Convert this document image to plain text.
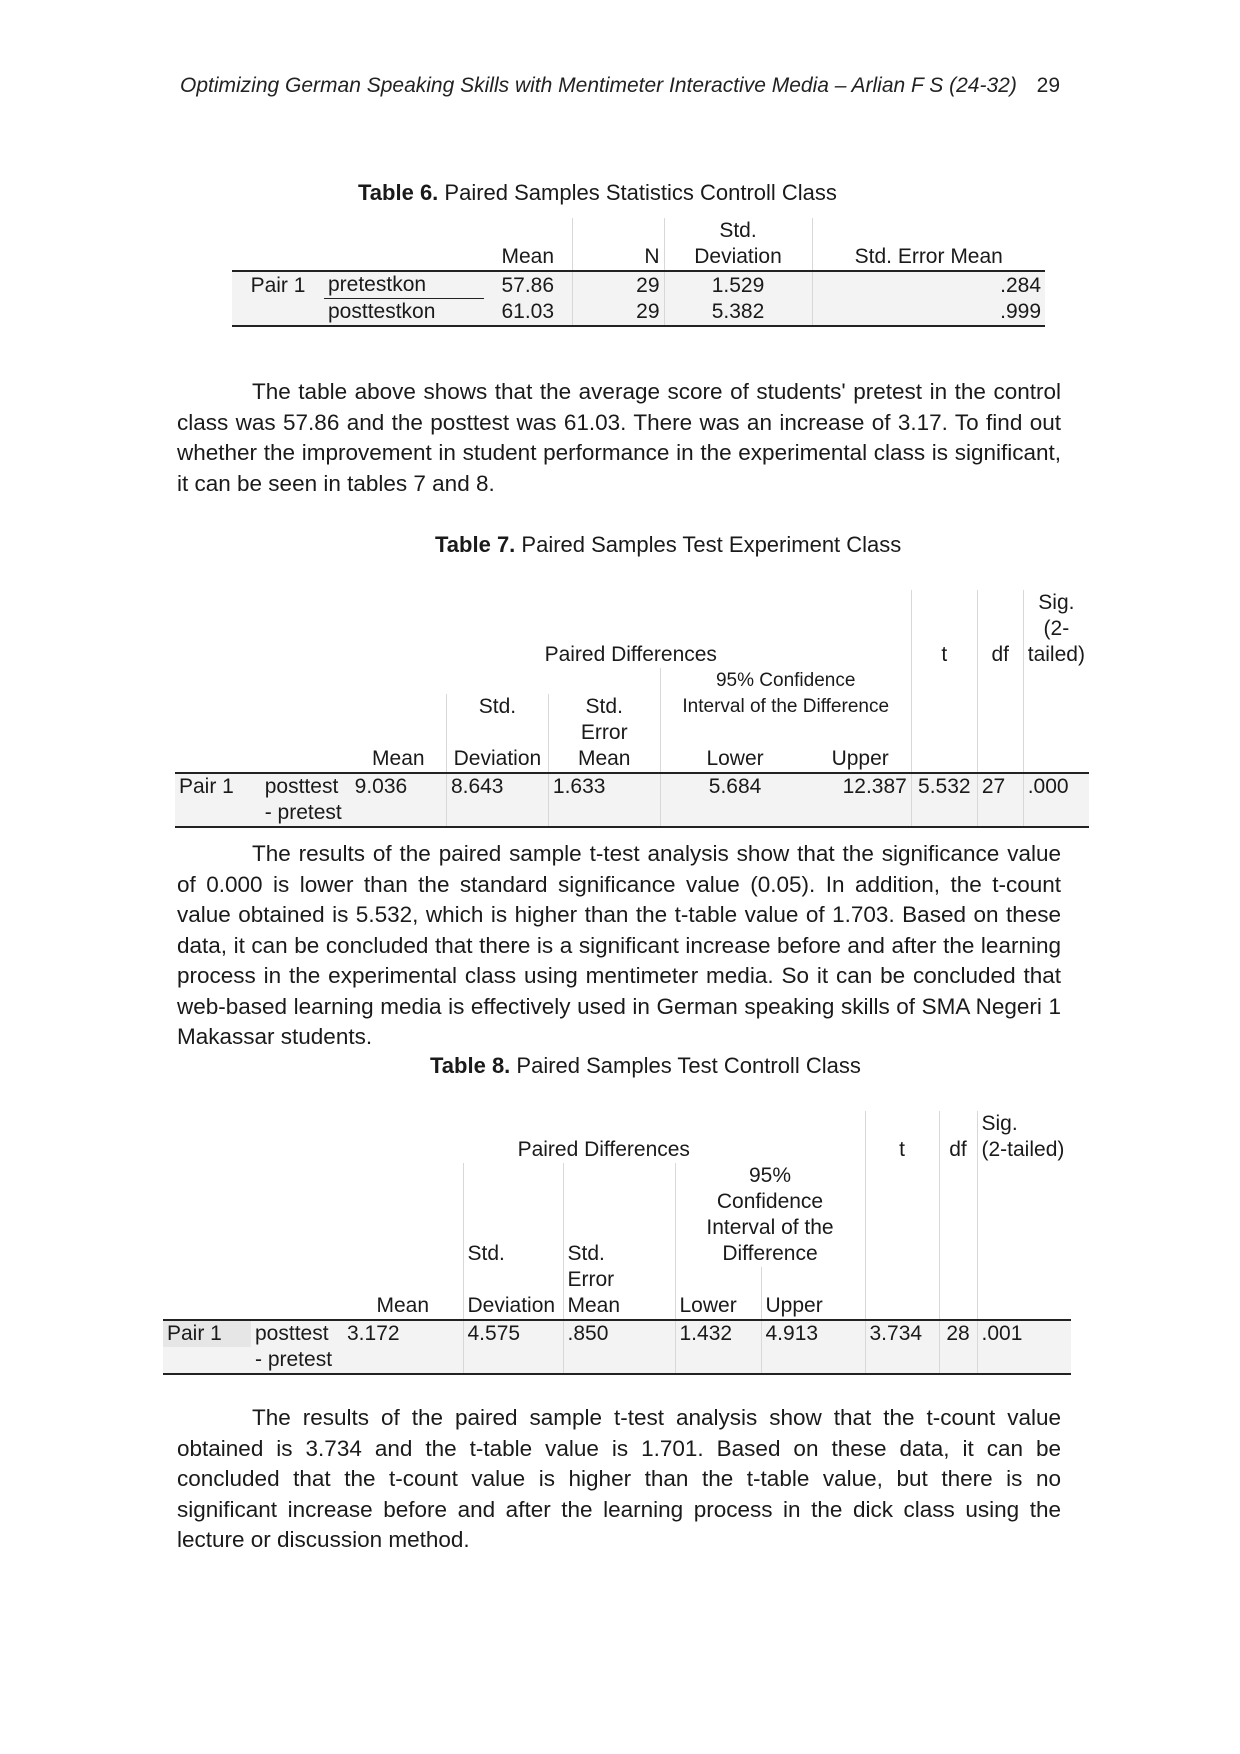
Optimizing German Speaking Skills with Mentimeter Interactive Media – Arlian F S (24-32) 29
Table 6. Paired Samples Statistics Controll Class
				Std.	
		Mean	N	Deviation	Std. Error Mean
Pair 1	pretestkon	57.86	29	1.529	.284
	posttestkon	61.03	29	5.382	.999
The table above shows that the average score of students' pretest in the control class was 57.86 and the posttest was 61.03. There was an increase of 3.17. To find out whether the improvement in student performance in the experimental class is significant, it can be seen in tables 7 and 8.
Table 7. Paired Samples Test Experiment Class
		Paired Differences							Sig.
									(2-
							t	df	tailed)
					95% Confidence				
			Std.	Std.	Interval of the Difference				
		Mean	Deviation	Error Mean	Lower	Upper			
Pair 1	posttest	9.036	8.643	1.633	5.684	12.387	5.532	27	.000
	- pretest								
The results of the paired sample t-test analysis show that the significance value of 0.000 is lower than the standard significance value (0.05). In addition, the t-count value obtained is 5.532, which is higher than the t-table value of 1.703. Based on these data, it can be concluded that there is a significant increase before and after the learning process in the experimental class using mentimeter media. So it can be concluded that web-based learning media is effectively used in German speaking skills of SMA Negeri 1 Makassar students.
Table 8. Paired Samples Test Controll Class
									Sig.
		Paired Differences					t	df	(2-tailed)
					95%				
					Confidence				
					Interval of the				
			Std.	Std.	Difference				
		Mean	Deviation	Error Mean	Lower	Upper			
Pair 1	posttest	3.172	4.575	.850	1.432	4.913	3.734	28	.001
	- pretest								
The results of the paired sample t-test analysis show that the t-count value obtained is 3.734 and the t-table value is 1.701. Based on these data, it can be concluded that the t-count value is higher than the t-table value, but there is no significant increase before and after the learning process in the dick class using the lecture or discussion method.
